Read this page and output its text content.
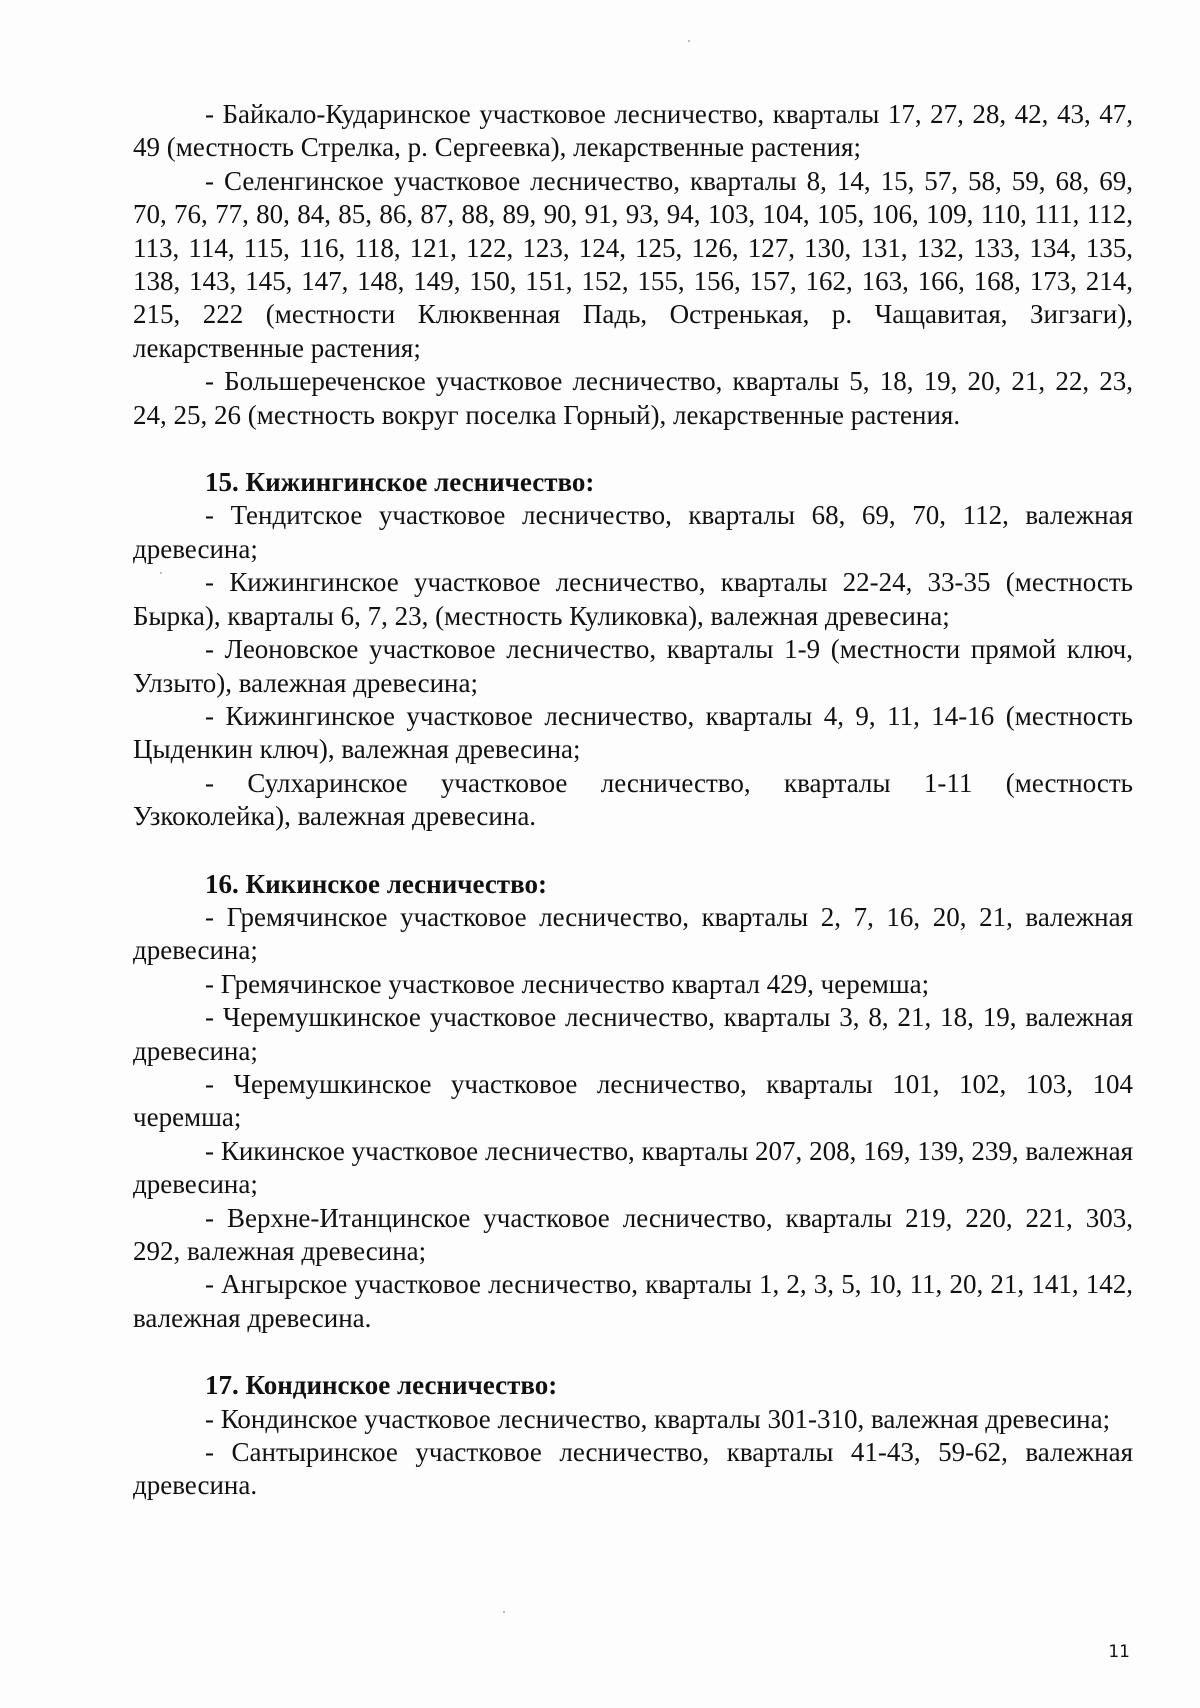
- Байкало-Кударинское участковое лесничество, кварталы 17, 27, 28, 42, 43, 47, 49 (местность Стрелка, р. Сергеевка), лекарственные растения;

- Селенгинское участковое лесничество, кварталы 8, 14, 15, 57, 58, 59, 68, 69, 70, 76, 77, 80, 84, 85, 86, 87, 88, 89, 90, 91, 93, 94, 103, 104, 105, 106, 109, 110, 111, 112, 113, 114, 115, 116, 118, 121, 122, 123, 124, 125, 126, 127, 130, 131, 132, 133, 134, 135, 138, 143, 145, 147, 148, 149, 150, 151, 152, 155, 156, 157, 162, 163, 166, 168, 173, 214, 215, 222 (местности Клюквенная Падь, Остренькая, р. Чащавитая, Зигзаги), лекарственные растения;

- Большереченское участковое лесничество, кварталы 5, 18, 19, 20, 21, 22, 23, 24, 25, 26 (местность вокруг поселка Горный), лекарственные растения.

15. Кижингинское лесничество:

- Тендитское участковое лесничество, кварталы 68, 69, 70, 112, валежная древесина;

- Кижингинское участковое лесничество, кварталы 22-24, 33-35 (местность Бырка), кварталы 6, 7, 23, (местность Куликовка), валежная древесина;

- Леоновское участковое лесничество, кварталы 1-9 (местности прямой ключ, Улзыто), валежная древесина;

- Кижингинское участковое лесничество, кварталы 4, 9, 11, 14-16 (местность Цыденкин ключ), валежная древесина;

- Сулхаринское участковое лесничество, кварталы 1-11 (местность Узкоколейка), валежная древесина.

16. Кикинское лесничество:

- Гремячинское участковое лесничество, кварталы 2, 7, 16, 20, 21, валежная древесина;

- Гремячинское участковое лесничество квартал 429, черемша;

- Черемушкинское участковое лесничество, кварталы 3, 8, 21, 18, 19, валежная древесина;

- Черемушкинское участковое лесничество, кварталы 101, 102, 103, 104 черемша;

- Кикинское участковое лесничество, кварталы 207, 208, 169, 139, 239, валежная древесина;

- Верхне-Итанцинское участковое лесничество, кварталы 219, 220, 221, 303, 292, валежная древесина;

- Ангырское участковое лесничество, кварталы 1, 2, 3, 5, 10, 11, 20, 21, 141, 142, валежная древесина.

17. Кондинское лесничество:

- Кондинское участковое лесничество, кварталы 301-310, валежная древесина;

- Сантыринское участковое лесничество, кварталы 41-43, 59-62, валежная древесина.

11
